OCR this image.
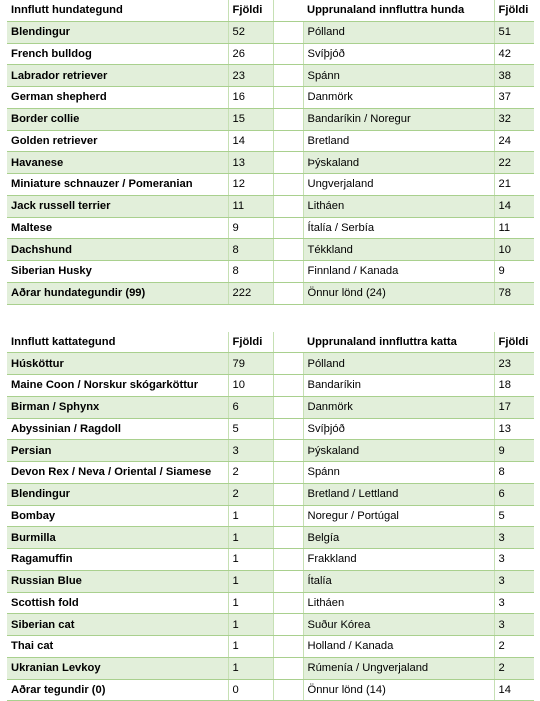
Innflutt hundategund	Fjöldi		Upprunaland innfluttra hunda	Fjöldi
Blendingur	52		Pólland	51
French bulldog	26		Svíþjóð	42
Labrador retriever	23		Spánn	38
German shepherd	16		Danmörk	37
Border collie	15		Bandaríkin / Noregur	32
Golden retriever	14		Bretland	24
Havanese	13		Þýskaland	22
Miniature schnauzer / Pomeranian	12		Ungverjaland	21
Jack russell terrier	11		Litháen	14
Maltese	9		Ítalía / Serbía	11
Dachshund	8		Tékkland	10
Siberian Husky	8		Finnland / Kanada	9
Aðrar hundategundir (99)	222		Önnur lönd (24)	78
Innflutt kattategund	Fjöldi		Upprunaland innfluttra katta	Fjöldi
Húsköttur	79		Pólland	23
Maine Coon / Norskur skógarköttur	10		Bandaríkin	18
Birman / Sphynx	6		Danmörk	17
Abyssinian / Ragdoll	5		Svíþjóð	13
Persian	3		Þýskaland	9
Devon Rex / Neva / Oriental / Siamese	2		Spánn	8
Blendingur	2		Bretland / Lettland	6
Bombay	1		Noregur / Portúgal	5
Burmilla	1		Belgía	3
Ragamuffin	1		Frakkland	3
Russian Blue	1		Ítalía	3
Scottish fold	1		Litháen	3
Siberian cat	1		Suður Kórea	3
Thai cat	1		Holland / Kanada	2
Ukranian Levkoy	1		Rúmenía / Ungverjaland	2
Aðrar tegundir (0)	0		Önnur lönd (14)	14
